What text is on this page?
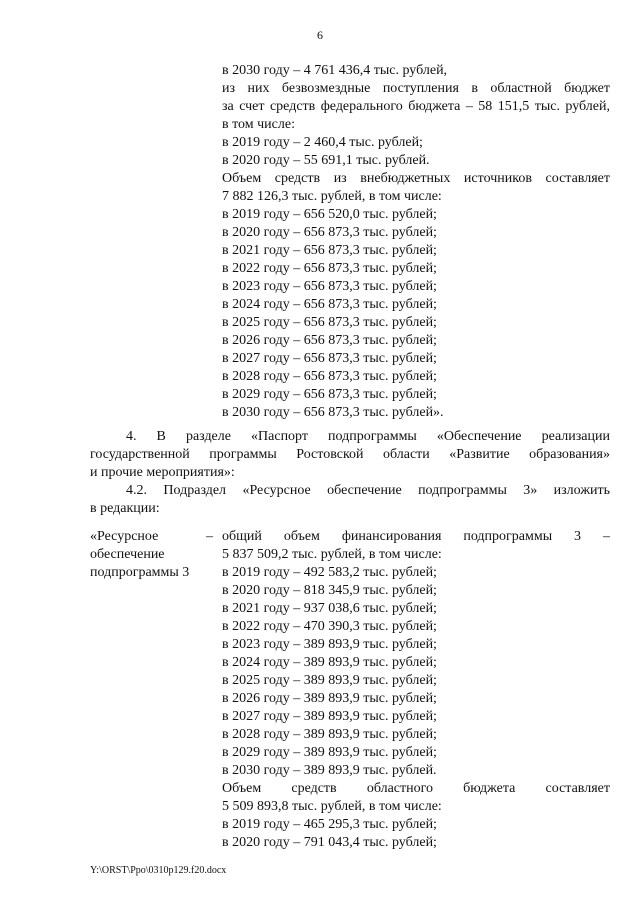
6
в 2030 году – 4 761 436,4 тыс. рублей,
из них безвозмездные поступления в областной бюджет
за счет средств федерального бюджета – 58 151,5 тыс. рублей,
в том числе:
в 2019 году – 2 460,4 тыс. рублей;
в 2020 году – 55 691,1 тыс. рублей.
Объем средств из внебюджетных источников составляет
7 882 126,3 тыс. рублей, в том числе:
в 2019 году – 656 520,0 тыс. рублей;
в 2020 году – 656 873,3 тыс. рублей;
в 2021 году – 656 873,3 тыс. рублей;
в 2022 году – 656 873,3 тыс. рублей;
в 2023 году – 656 873,3 тыс. рублей;
в 2024 году – 656 873,3 тыс. рублей;
в 2025 году – 656 873,3 тыс. рублей;
в 2026 году – 656 873,3 тыс. рублей;
в 2027 году – 656 873,3 тыс. рублей;
в 2028 году – 656 873,3 тыс. рублей;
в 2029 году – 656 873,3 тыс. рублей;
в 2030 году – 656 873,3 тыс. рублей».
4. В разделе «Паспорт подпрограммы «Обеспечение реализации
государственной программы Ростовской области «Развитие образования»
и прочие мероприятия»:
4.2. Подраздел «Ресурсное обеспечение подпрограммы 3» изложить
в редакции:
«Ресурсное
обеспечение
подпрограммы 3
– общий объем финансирования подпрограммы 3 –
5 837 509,2 тыс. рублей, в том числе:
в 2019 году – 492 583,2 тыс. рублей;
в 2020 году – 818 345,9 тыс. рублей;
в 2021 году – 937 038,6 тыс. рублей;
в 2022 году – 470 390,3 тыс. рублей;
в 2023 году – 389 893,9 тыс. рублей;
в 2024 году – 389 893,9 тыс. рублей;
в 2025 году – 389 893,9 тыс. рублей;
в 2026 году – 389 893,9 тыс. рублей;
в 2027 году – 389 893,9 тыс. рублей;
в 2028 году – 389 893,9 тыс. рублей;
в 2029 году – 389 893,9 тыс. рублей;
в 2030 году – 389 893,9 тыс. рублей.
Объем средств областного бюджета составляет
5 509 893,8 тыс. рублей, в том числе:
в 2019 году – 465 295,3 тыс. рублей;
в 2020 году – 791 043,4 тыс. рублей;
Y:\ORST\Ppo\0310p129.f20.docx
